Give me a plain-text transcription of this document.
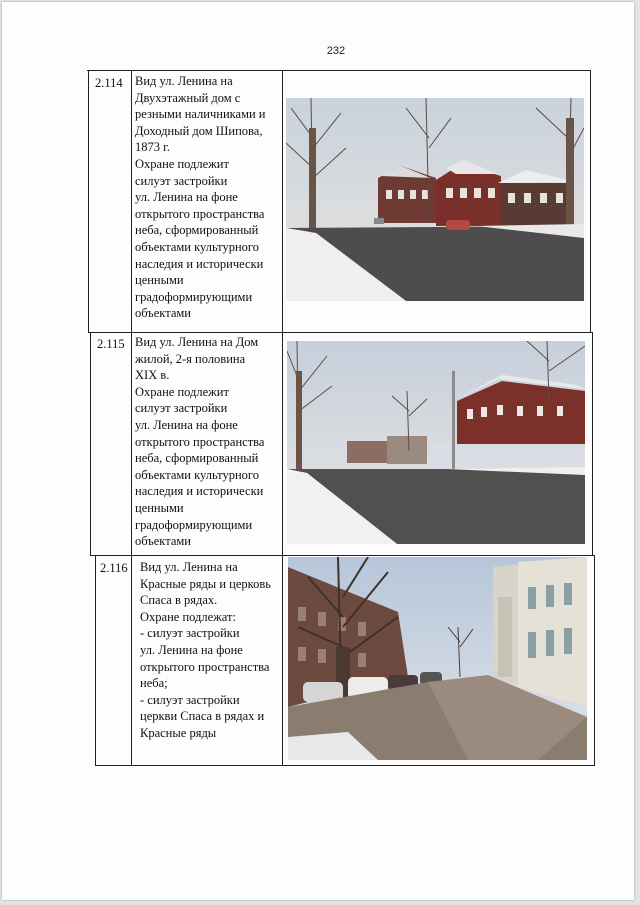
232
2.114 Вид ул. Ленина на
Двухэтажный дом с
резными наличниками и
Доходный дом Шипова,
1873 г.
Охране подлежит
силуэт застройки
ул. Ленина на фоне
открытого пространства
неба, сформированный
объектами культурного
наследия и исторически
ценными
градоформирующими
объектами
2.115 Вид ул. Ленина на Дом
жилой, 2-я половина
XIX в.
Охране подлежит
силуэт застройки
ул. Ленина на фоне
открытого пространства
неба, сформированный
объектами культурного
наследия и исторически
ценными
градоформирующими
объектами
2.116 Вид ул. Ленина на
Красные ряды и церковь
Спаса в рядах.
Охране подлежат:
- силуэт застройки
ул. Ленина на фоне
открытого пространства
неба;
- силуэт застройки
церкви Спаса в рядах и
Красные ряды
